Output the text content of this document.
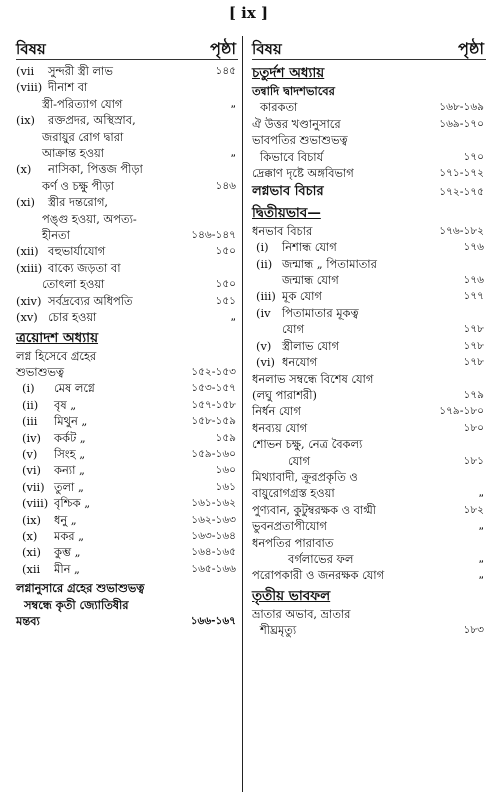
[ ix ]
বিষয়	পৃষ্ঠা
(vii সুন্দরী স্ত্রী লাভ	১৪৫
(viii) দীনাশ বা
স্ত্রী-পরিত্যাগ যোগ	„
(ix) রক্তপ্রদর, অস্থিস্রাব,
জরায়ুর রোগ দ্বারা
আক্রান্ত হওয়া	„
(x) নাসিকা, পিত্তজ পীড়া
কর্ণ ও চক্ষু পীড়া	১৪৬
(xi) স্ত্রীর দন্তরোগ,
পঙ্গু হওয়া, অপত্য-
হীনতা	১৪৬-১৪৭
(xii) বহুভার্যাযোগ	১৫০
(xiii) বাক্যে জড়তা বা
তোৎলা হওয়া	১৫০
(xiv) সর্বদ্রব্যের অধিপতি	১৫১
(xv) চোর হওয়া	„
ত্রয়োদশ অধ্যায়
লগ্ন হিসেবে গ্রহের
শুভাশুভত্ব	১৫২-১৫৩
(i) মেষ লগ্নে	১৫৩-১৫৭
(ii) বৃষ „	১৫৭-১৫৮
(iii মিথুন „	১৫৮-১৫৯
(iv) কর্কট „	১৫৯
(v) সিংহ „	১৫৯-১৬০
(vi) কন্যা „	১৬০
(vii) তুলা „	১৬১
(viii) বৃশ্চিক „	১৬১-১৬২
(ix) ধনু „	১৬২-১৬৩
(x) মকর „	১৬৩-১৬৪
(xi) কুম্ভ „	১৬৪-১৬৫
(xii মীন „	১৬৫-১৬৬
লগ্নানুসারে গ্রহের শুভাশুভত্ব
সম্বন্ধে কৃতী জ্যোতিষীর
মন্তব্য	১৬৬-১৬৭
বিষয়	পৃষ্ঠা
চতুর্দশ অধ্যায়
তন্বাদি দ্বাদশভাবের
কারকতা	১৬৮-১৬৯
ঐ উত্তর খণ্ডানুসারে	১৬৯-১৭০
ভাবপতির শুভাশুভত্ব
কিভাবে বিচার্য	১৭০
দ্রেক্কাণ দৃষ্টে অঙ্গবিভাগ	১৭১-১৭২
লগ্নভাব বিচার	১৭২-১৭৫
দ্বিতীয়ভাব—
ধনভাব বিচার	১৭৬-১৮২
(i) নিশান্ধ যোগ	১৭৬
(ii) জন্মান্ধ „ পিতামাতার
জন্মান্ধ যোগ	১৭৬
(iii) মূক যোগ	১৭৭
(iv পিতামাতার মূকত্ব
যোগ	১৭৮
(v) স্ত্রীলাভ যোগ	১৭৮
(vi) ধনযোগ	১৭৮
ধনলাভ সম্বন্ধে বিশেষ যোগ
(লঘু পারাশরী)	১৭৯
নির্ধন যোগ	১৭৯-১৮০
ধনব্যয় যোগ	১৮০
শোভন চক্ষু, নেত্র বৈকল্য
যোগ	১৮১
মিথ্যাবাদী, ক্রূরপ্রকৃতি ও
বায়ুরোগগ্রস্ত হওয়া	„
পুণ্যবান, কুটুম্বরক্ষক ও বাগ্মী	১৮২
ভুবনপ্রতাপীযোগ	„
ধনপতির পারাবাত
বর্গলাভের ফল	„
পরোপকারী ও জনরক্ষক যোগ	„
তৃতীয় ভাবফল
ভ্রাতার অভাব, ভ্রাতার
শীঘ্রমৃত্যু	১৮৩
